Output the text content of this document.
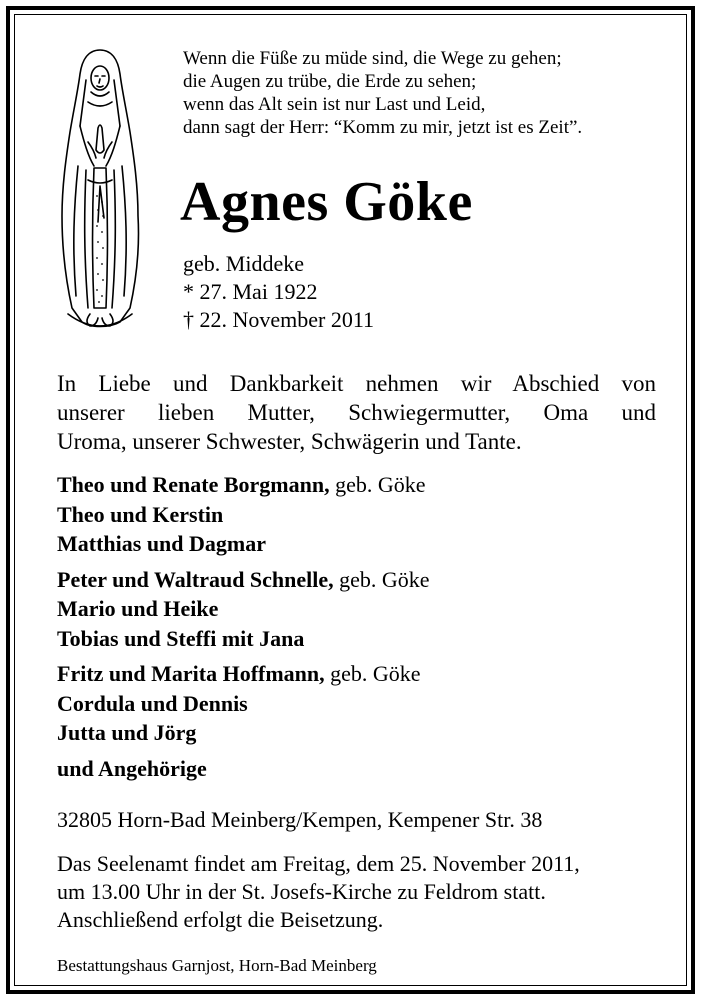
Wenn die Füße zu müde sind, die Wege zu gehen;
die Augen zu trübe, die Erde zu sehen;
wenn das Alt sein ist nur Last und Leid,
dann sagt der Herr: “Komm zu mir, jetzt ist es Zeit”.
Agnes Göke
geb. Middeke
* 27. Mai 1922
† 22. November 2011
In Liebe und Dankbarkeit nehmen wir Abschied von
unserer lieben Mutter, Schwiegermutter, Oma und
Uroma, unserer Schwester, Schwägerin und Tante.
Theo und Renate Borgmann, geb. Göke
Theo und Kerstin
Matthias und Dagmar
Peter und Waltraud Schnelle, geb. Göke
Mario und Heike
Tobias und Steffi mit Jana
Fritz und Marita Hoffmann, geb. Göke
Cordula und Dennis
Jutta und Jörg
und Angehörige
32805 Horn-Bad Meinberg/Kempen, Kempener Str. 38
Das Seelenamt findet am Freitag, dem 25. November 2011,
um 13.00 Uhr in der St. Josefs-Kirche zu Feldrom statt.
Anschließend erfolgt die Beisetzung.
Bestattungshaus Garnjost, Horn-Bad Meinberg
